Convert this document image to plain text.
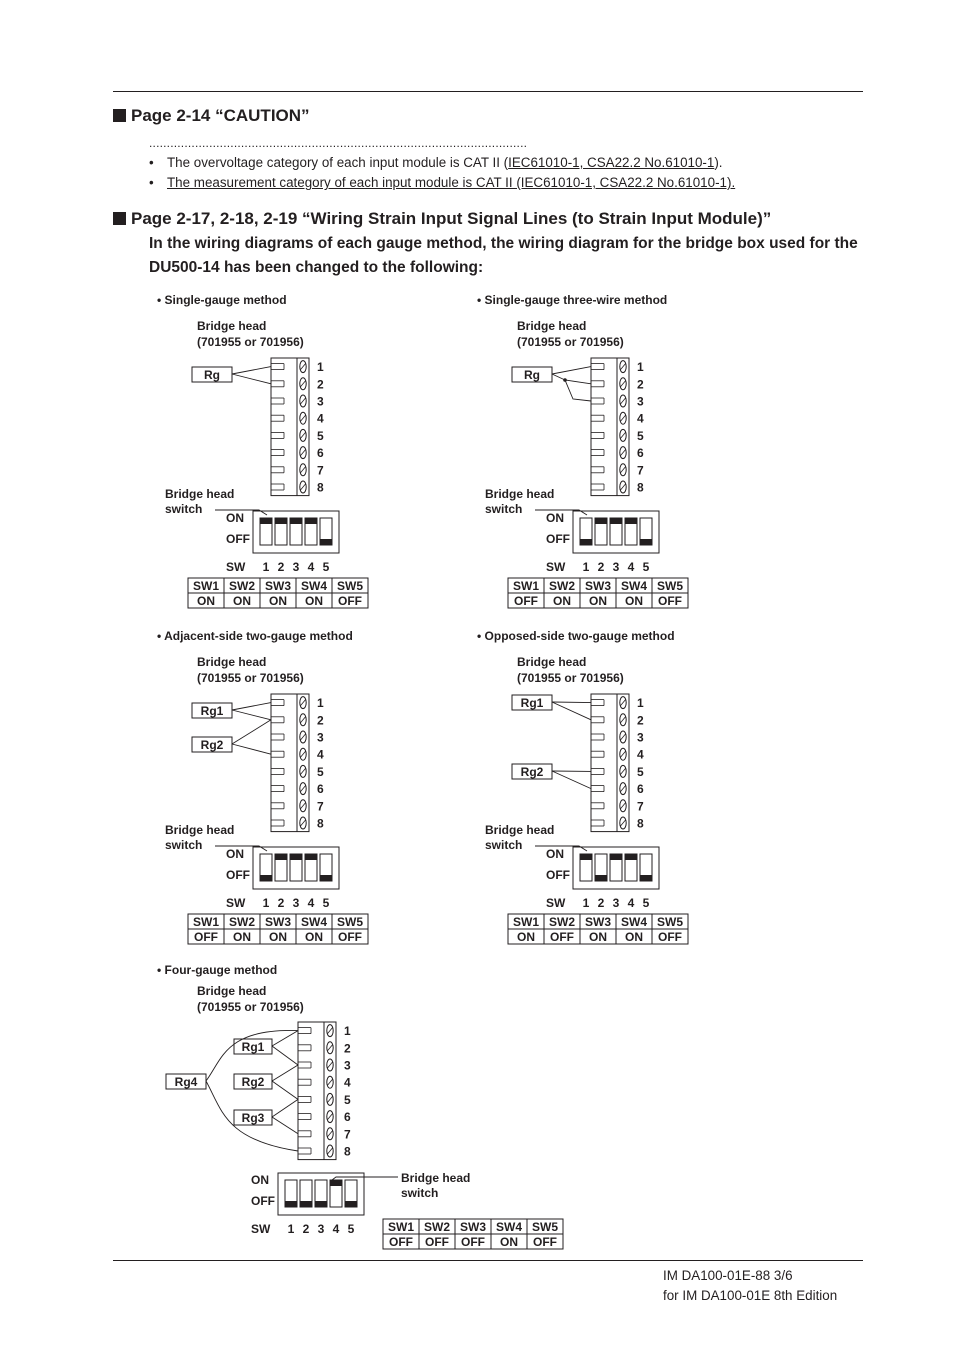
Page 2-14 “CAUTION”
...........................................................................................................
• The overvoltage category of each input module is CAT II (IEC61010-1, CSA22.2 No.61010-1).
• The measurement category of each input module is CAT II (IEC61010-1, CSA22.2 No.61010-1).
Page 2-17, 2-18, 2-19 “Wiring Strain Input Signal Lines (to Strain Input Module)”
In the wiring diagrams of each gauge method, the wiring diagram for the bridge box used for the DU500-14 has been changed to the following:
• Single-gauge method
Bridge head
(701955 or 701956)
1
2
3
4
5
6
7
8
Rg
Bridge head
switch
1 2 3 4 5
ON
OFF
SW
SW1
ON
SW2
ON
SW3
ON
SW4
ON
SW5
OFF
• Single-gauge three-wire method
Bridge head
(701955 or 701956)
1
2
3
4
5
6
7
8
Rg
Bridge head
switch
1 2 3 4 5
ON
OFF
SW
SW1
OFF
SW2
ON
SW3
ON
SW4
ON
SW5
OFF
• Adjacent-side two-gauge method
Bridge head
(701955 or 701956)
1
2
3
4
5
6
7
8
Rg1
Rg2
Bridge head
switch
1 2 3 4 5
ON
OFF
SW
SW1
OFF
SW2
ON
SW3
ON
SW4
ON
SW5
OFF
• Opposed-side two-gauge method
Bridge head
(701955 or 701956)
1
2
3
4
5
6
7
8
Rg1
Rg2
Bridge head
switch
1 2 3 4 5
ON
OFF
SW
SW1
ON
SW2
OFF
SW3
ON
SW4
ON
SW5
OFF
• Four-gauge method
Bridge head
(701955 or 701956)
1
2
3
4
5
6
7
8
Rg1
Rg2
Rg3
Rg4
1 2 3 4 5
ON
OFF
SW
Bridge head
switch
SW1
OFF
SW2
OFF
SW3
OFF
SW4
ON
SW5
OFF
IM DA100-01E-88 3/6
for IM DA100-01E 8th Edition
